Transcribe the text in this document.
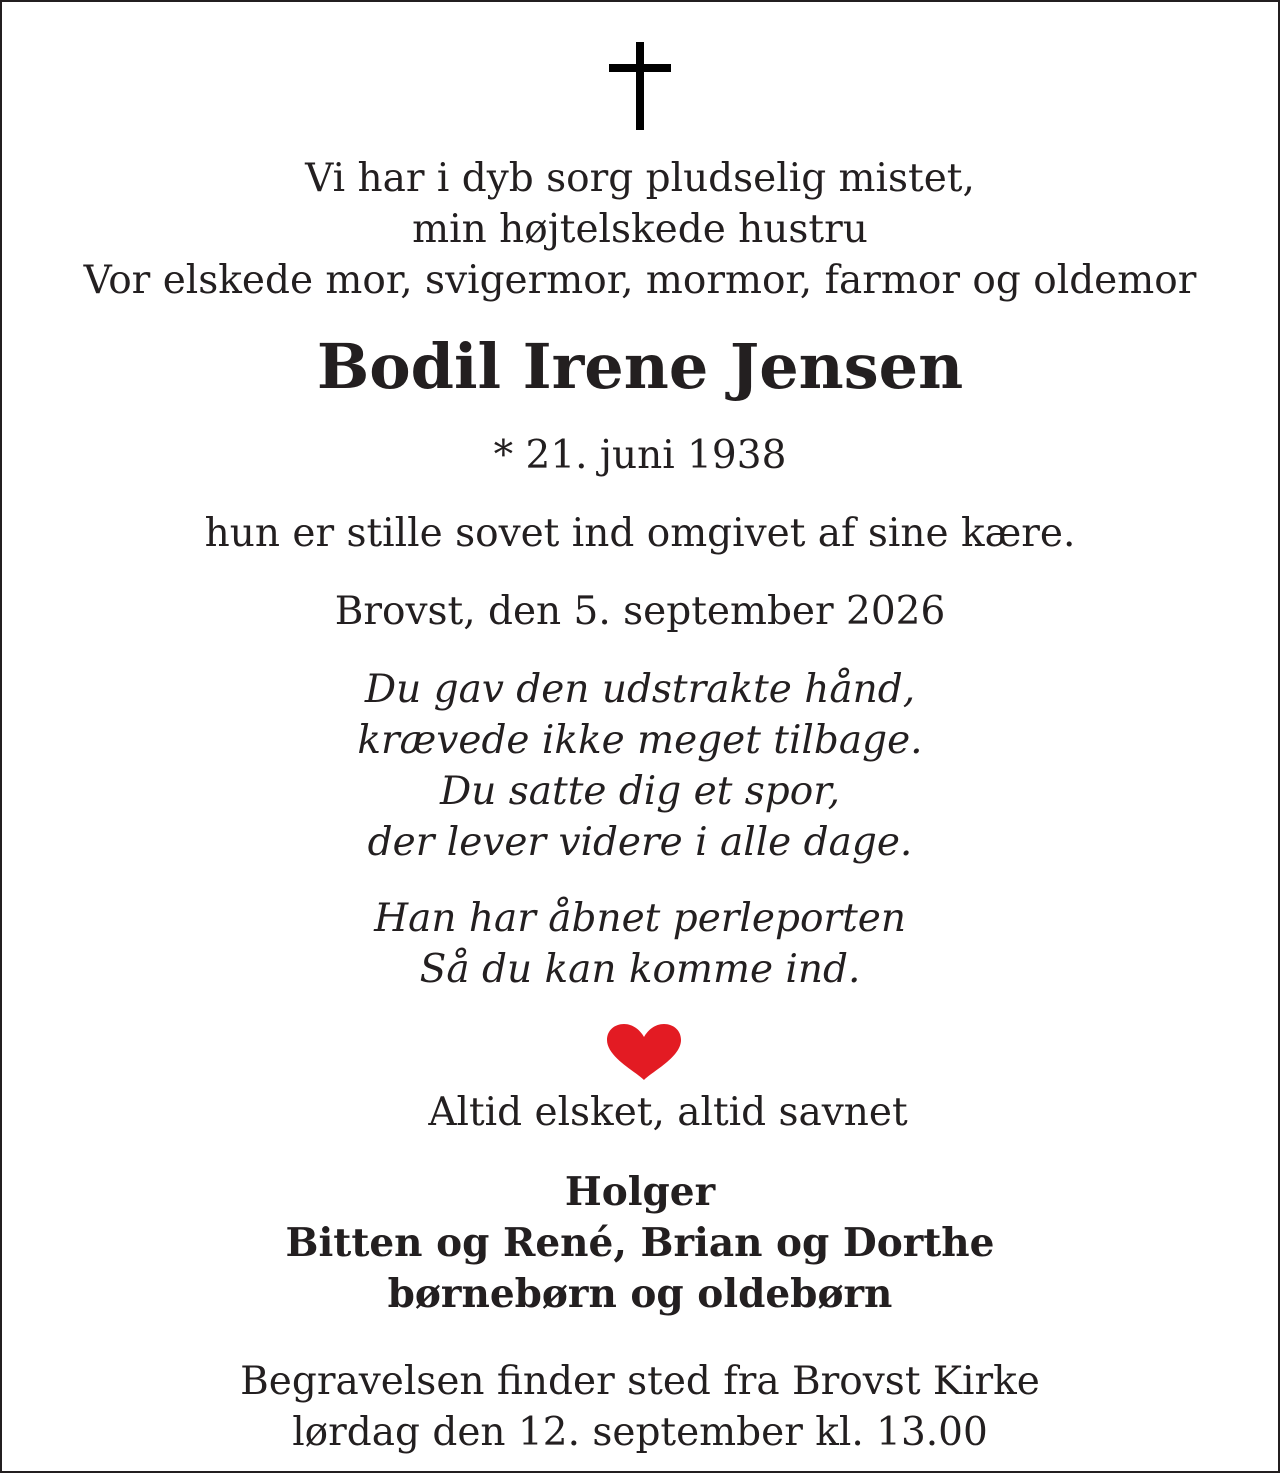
Vi har i dyb sorg pludselig mistet,

min højtelskede hustru

Vor elskede mor, svigermor, mormor, farmor og oldemor

Bodil Irene Jensen

* 21. juni 1938

hun er stille sovet ind omgivet af sine kære.

Brovst, den 5. september 2026

Du gav den udstrakte hånd,

krævede ikke meget tilbage.

Du satte dig et spor,

der lever videre i alle dage.

Han har åbnet perleporten

Så du kan komme ind.

Altid elsket, altid savnet

Holger

Bitten og René, Brian og Dorthe

børnebørn og oldebørn

Begravelsen finder sted fra Brovst Kirke

lørdag den 12. september kl. 13.00
